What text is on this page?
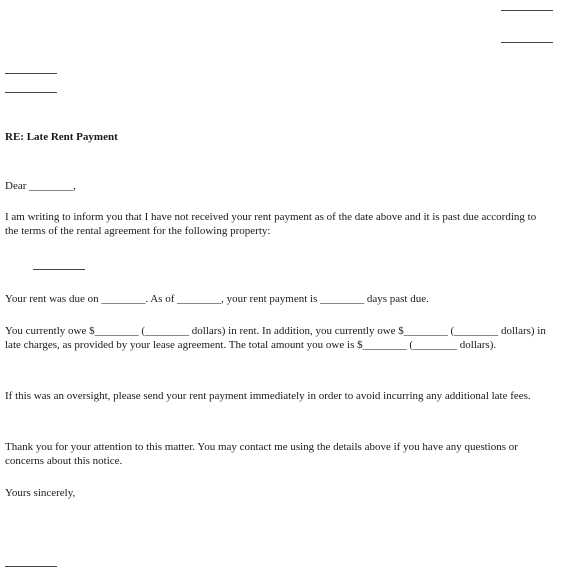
RE: Late Rent Payment

Dear ________,

I am writing to inform you that I have not received your rent payment as of the date above and it is past due according to the terms of the rental agreement for the following property:

Your rent was due on ________. As of ________, your rent payment is ________ days past due.

You currently owe $________ (________ dollars) in rent. In addition, you currently owe $________ (________ dollars) in late charges, as provided by your lease agreement. The total amount you owe is $________ (________ dollars).

If this was an oversight, please send your rent payment immediately in order to avoid incurring any additional late fees.

Thank you for your attention to this matter. You may contact me using the details above if you have any questions or concerns about this notice.

Yours sincerely,
